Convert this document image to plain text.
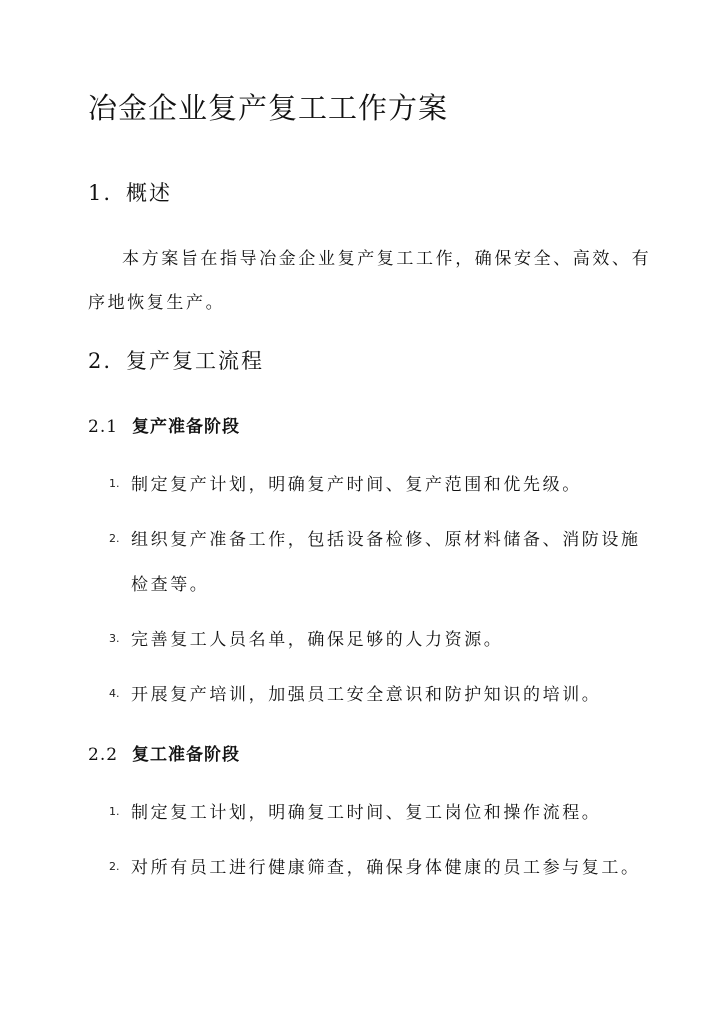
冶金企业复产复工工作方案
1. 概述
本方案旨在指导冶金企业复产复工工作，确保安全、高效、有
序地恢复生产。
2. 复产复工流程
2.1 复产准备阶段
1. 制定复产计划，明确复产时间、复产范围和优先级。
2. 组织复产准备工作，包括设备检修、原材料储备、消防设施
检查等。
3. 完善复工人员名单，确保足够的人力资源。
4. 开展复产培训，加强员工安全意识和防护知识的培训。
2.2 复工准备阶段
1. 制定复工计划，明确复工时间、复工岗位和操作流程。
2. 对所有员工进行健康筛查，确保身体健康的员工参与复工。
